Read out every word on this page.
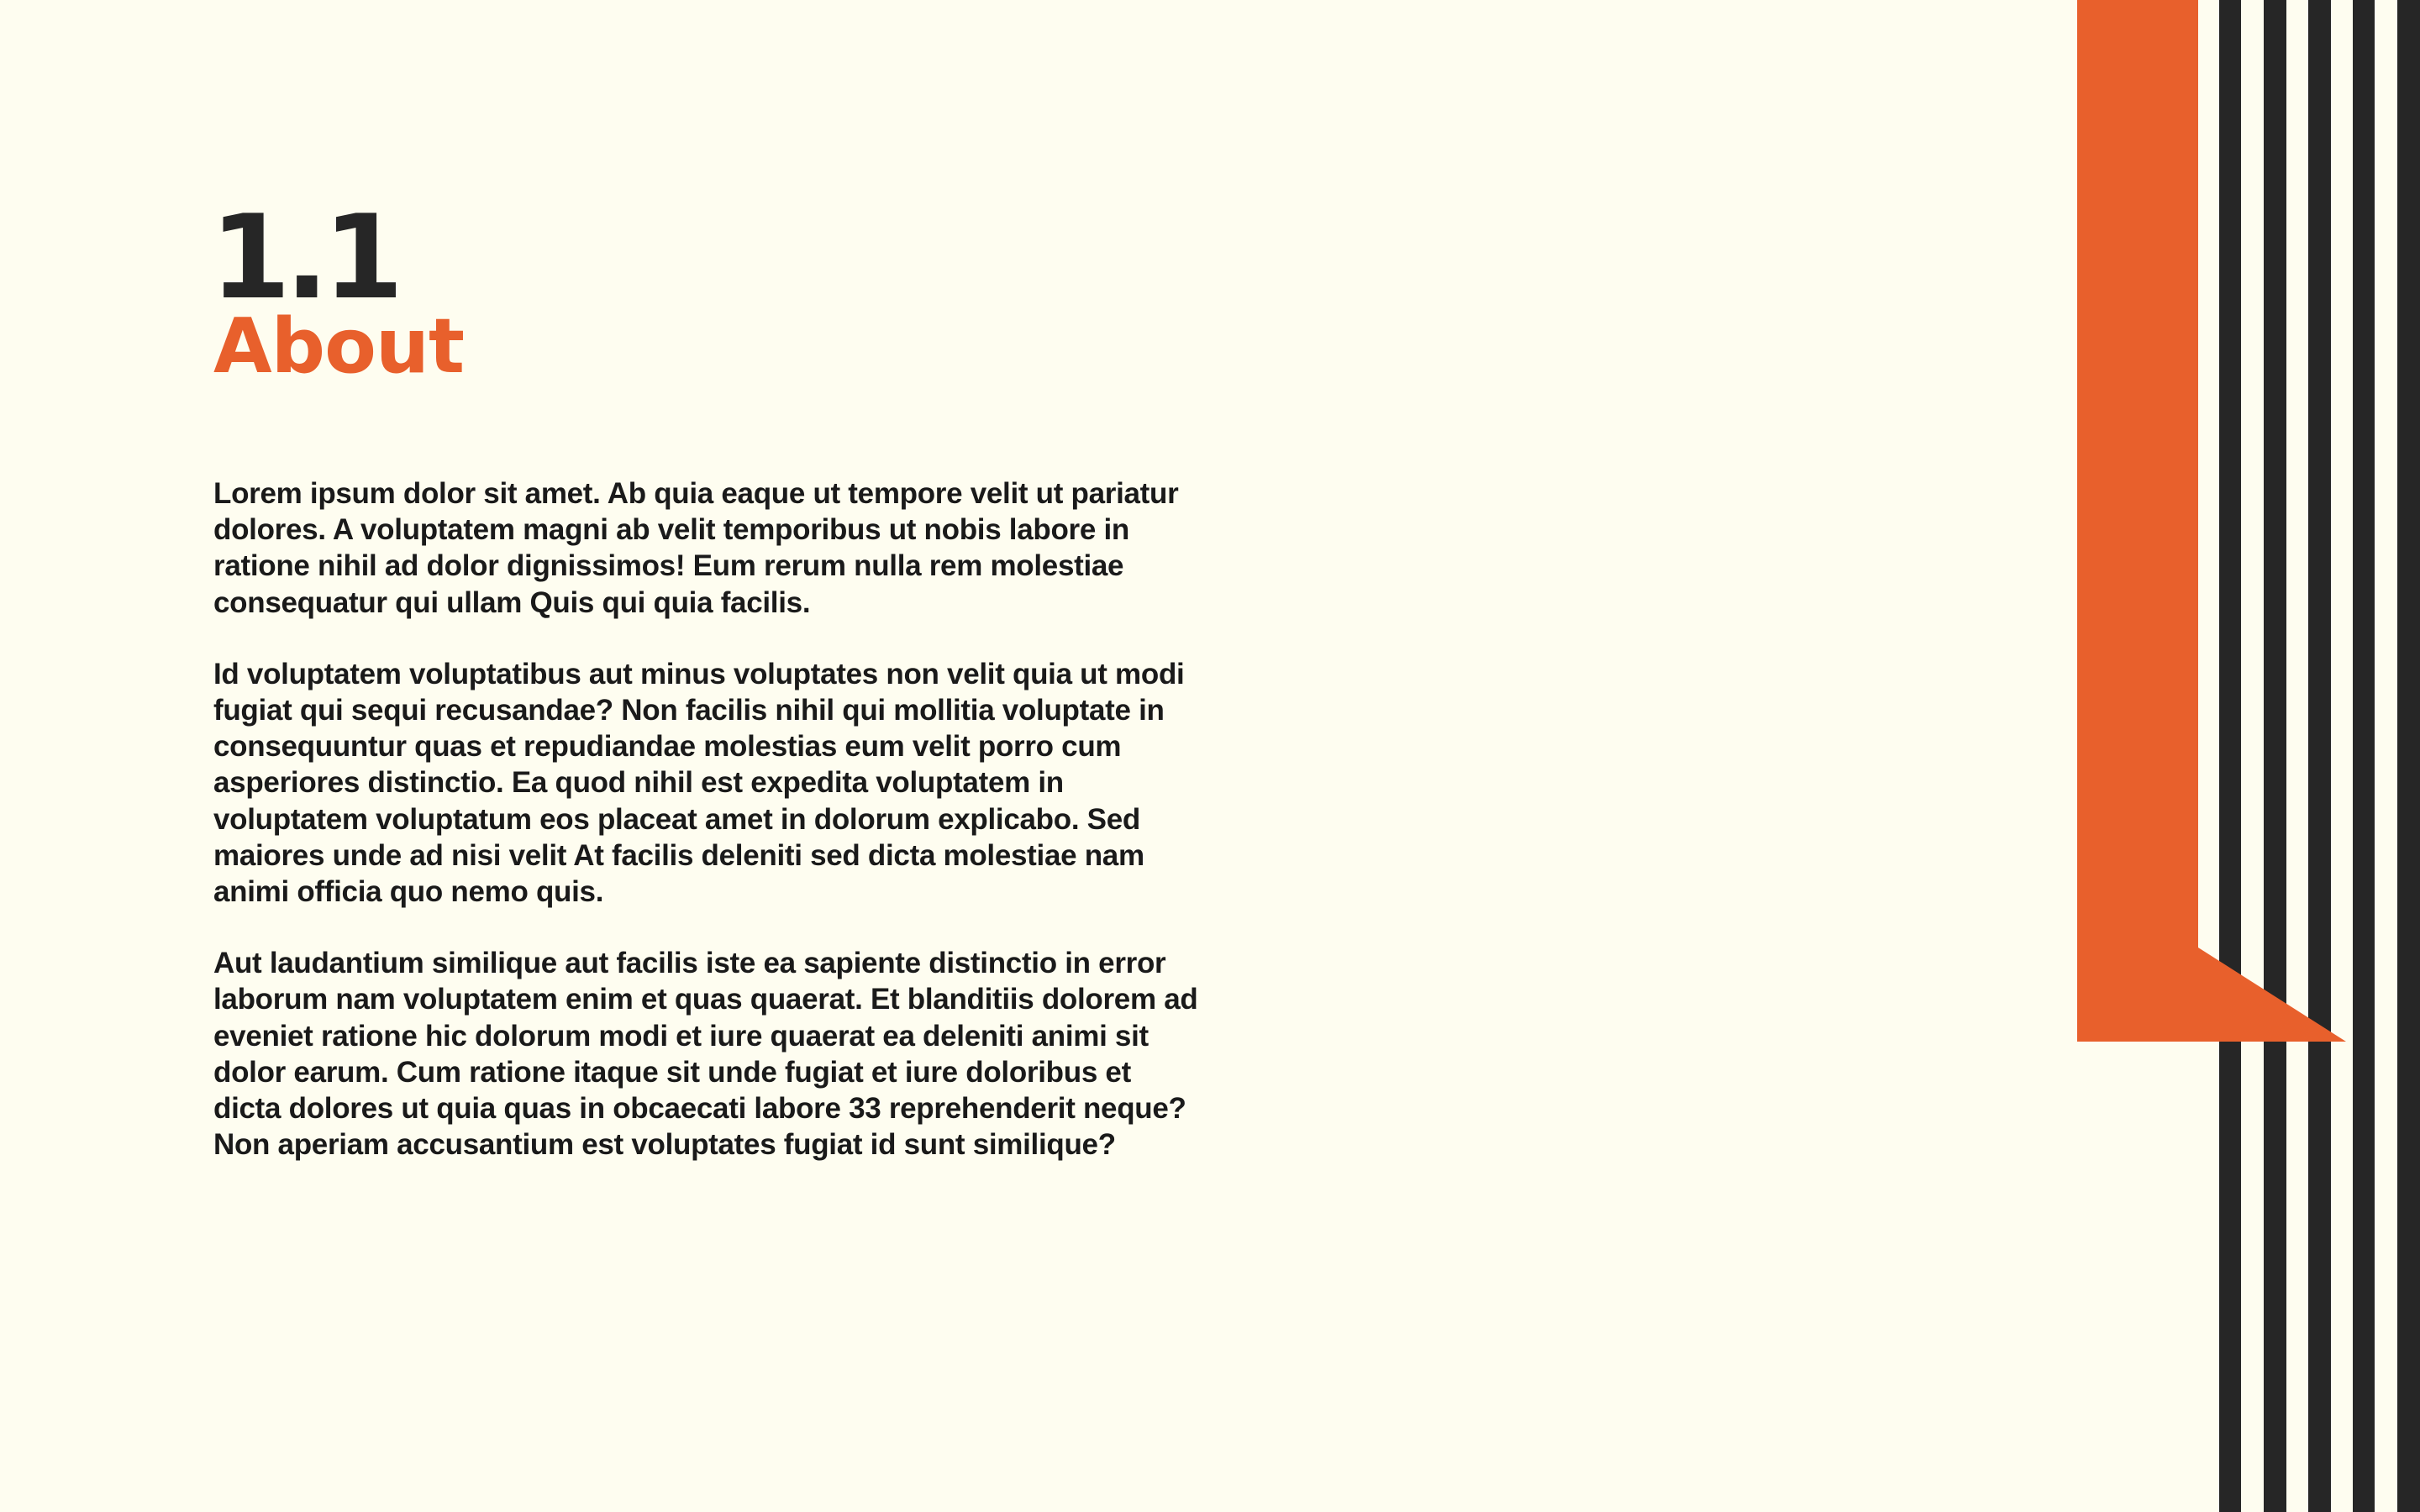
1.1
About

Lorem ipsum dolor sit amet. Ab quia eaque ut tempore velit ut pariatur dolores. A voluptatem magni ab velit temporibus ut nobis labore in ratione nihil ad dolor dignissimos! Eum rerum nulla rem molestiae consequatur qui ullam Quis qui quia facilis.

Id voluptatem voluptatibus aut minus voluptates non velit quia ut modi fugiat qui sequi recusandae? Non facilis nihil qui mollitia voluptate in consequuntur quas et repudiandae molestias eum velit porro cum asperiores distinctio. Ea quod nihil est expedita voluptatem in voluptatem voluptatum eos placeat amet in dolorum explicabo. Sed maiores unde ad nisi velit At facilis deleniti sed dicta molestiae nam animi officia quo nemo quis.

Aut laudantium similique aut facilis iste ea sapiente distinctio in error laborum nam voluptatem enim et quas quaerat. Et blanditiis dolorem ad eveniet ratione hic dolorum modi et iure quaerat ea deleniti animi sit dolor earum. Cum ratione itaque sit unde fugiat et iure doloribus et dicta dolores ut quia quas in obcaecati labore 33 reprehenderit neque? Non aperiam accusantium est voluptates fugiat id sunt similique?
